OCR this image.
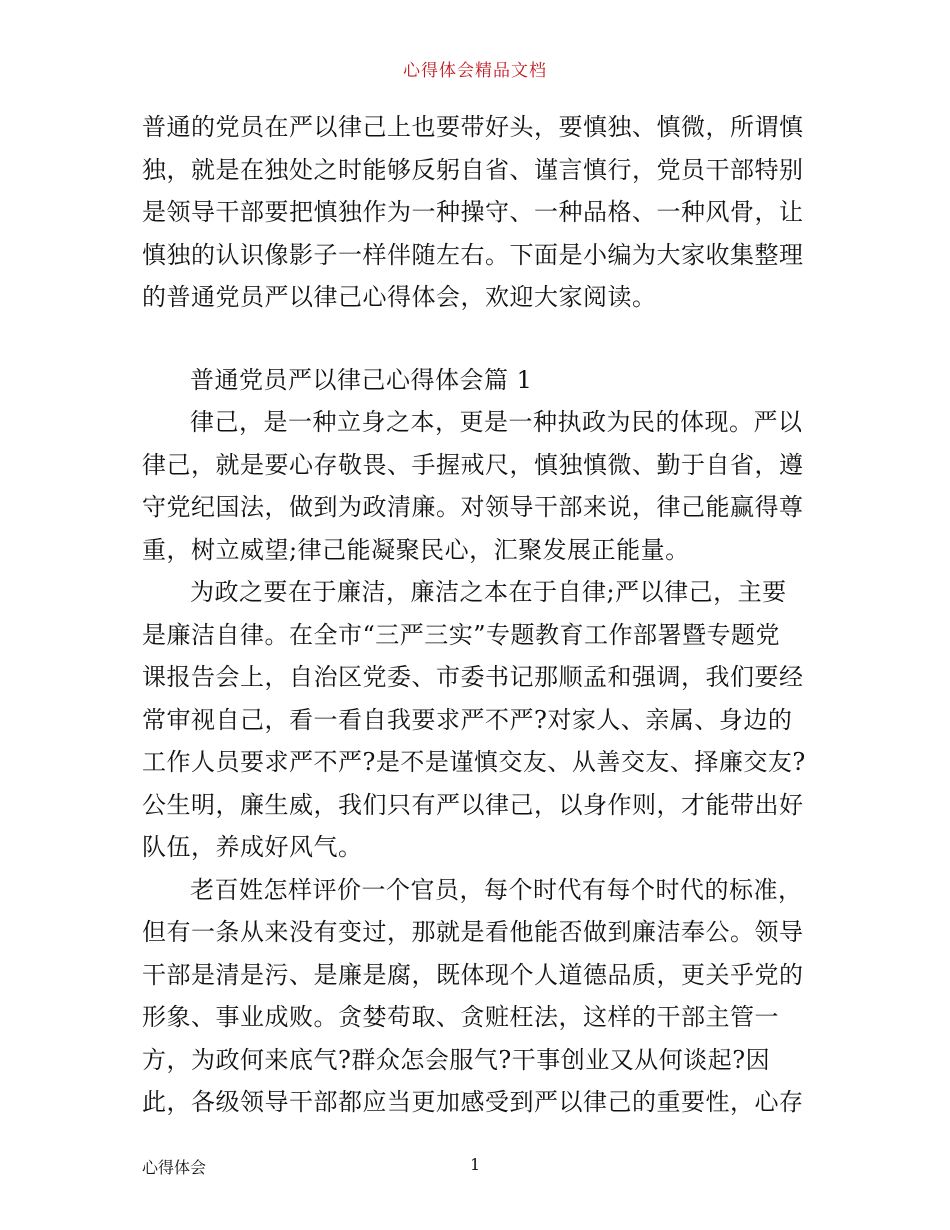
心得体会精品文档
普通的党员在严以律己上也要带好头，要慎独、慎微，所谓慎
独，就是在独处之时能够反躬自省、谨言慎行，党员干部特别
是领导干部要把慎独作为一种操守、一种品格、一种风骨，让
慎独的认识像影子一样伴随左右。下面是小编为大家收集整理
的普通党员严以律己心得体会，欢迎大家阅读。
普通党员严以律己心得体会篇 1
律己，是一种立身之本，更是一种执政为民的体现。严以
律己，就是要心存敬畏、手握戒尺，慎独慎微、勤于自省，遵
守党纪国法，做到为政清廉。对领导干部来说，律己能赢得尊
重，树立威望;律己能凝聚民心，汇聚发展正能量。
为政之要在于廉洁，廉洁之本在于自律;严以律己，主要
是廉洁自律。在全市“三严三实”专题教育工作部署暨专题党
课报告会上，自治区党委、市委书记那顺孟和强调，我们要经
常审视自己，看一看自我要求严不严?对家人、亲属、身边的
工作人员要求严不严?是不是谨慎交友、从善交友、择廉交友?
公生明，廉生威，我们只有严以律己，以身作则，才能带出好
队伍，养成好风气。
老百姓怎样评价一个官员，每个时代有每个时代的标准，
但有一条从来没有变过，那就是看他能否做到廉洁奉公。领导
干部是清是污、是廉是腐，既体现个人道德品质，更关乎党的
形象、事业成败。贪婪苟取、贪赃枉法，这样的干部主管一
方，为政何来底气?群众怎会服气?干事创业又从何谈起?因
此，各级领导干部都应当更加感受到严以律己的重要性，心存
心得体会	1
